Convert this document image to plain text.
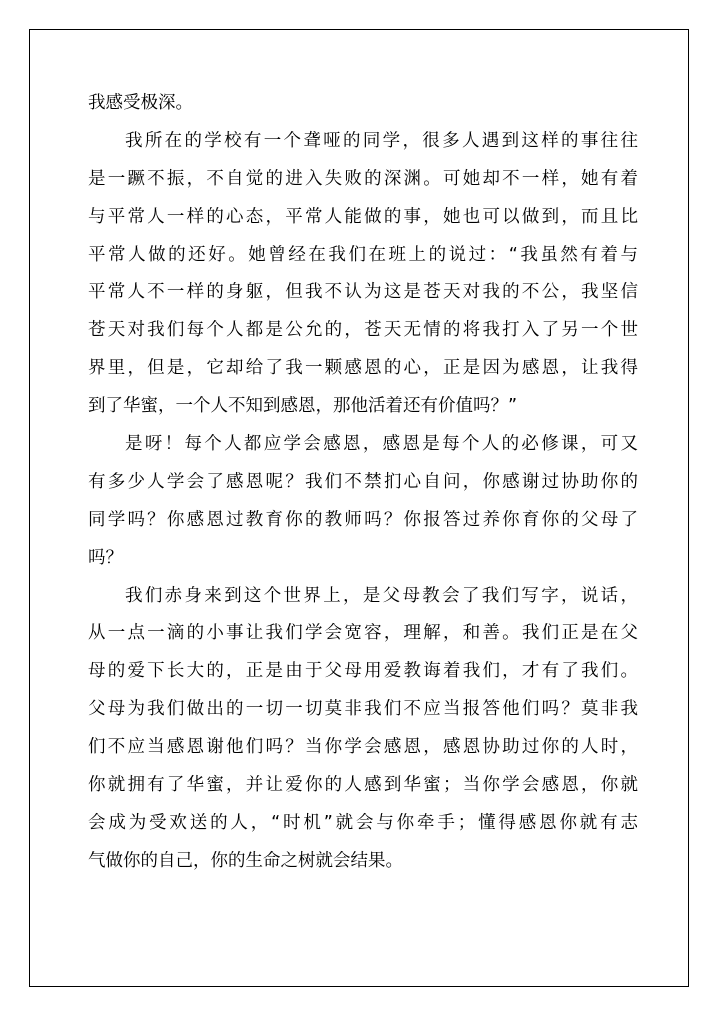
我感受极深。
我所在的学校有一个聋哑的同学，很多人遇到这样的事往往
是一蹶不振，不自觉的进入失败的深渊。可她却不一样，她有着
与平常人一样的心态，平常人能做的事，她也可以做到，而且比
平常人做的还好。她曾经在我们在班上的说过：“我虽然有着与
平常人不一样的身躯，但我不认为这是苍天对我的不公，我坚信
苍天对我们每个人都是公允的，苍天无情的将我打入了另一个世
界里，但是，它却给了我一颗感恩的心，正是因为感恩，让我得
到了华蜜，一个人不知到感恩，那他活着还有价值吗？”
是呀！每个人都应学会感恩，感恩是每个人的必修课，可又
有多少人学会了感恩呢？我们不禁扪心自问，你感谢过协助你的
同学吗？你感恩过教育你的教师吗？你报答过养你育你的父母了
吗？
我们赤身来到这个世界上，是父母教会了我们写字，说话，
从一点一滴的小事让我们学会宽容，理解，和善。我们正是在父
母的爱下长大的，正是由于父母用爱教诲着我们，才有了我们。
父母为我们做出的一切一切莫非我们不应当报答他们吗？莫非我
们不应当感恩谢他们吗？当你学会感恩，感恩协助过你的人时，
你就拥有了华蜜，并让爱你的人感到华蜜；当你学会感恩，你就
会成为受欢送的人，“时机”就会与你牵手；懂得感恩你就有志
气做你的自己，你的生命之树就会结果。
